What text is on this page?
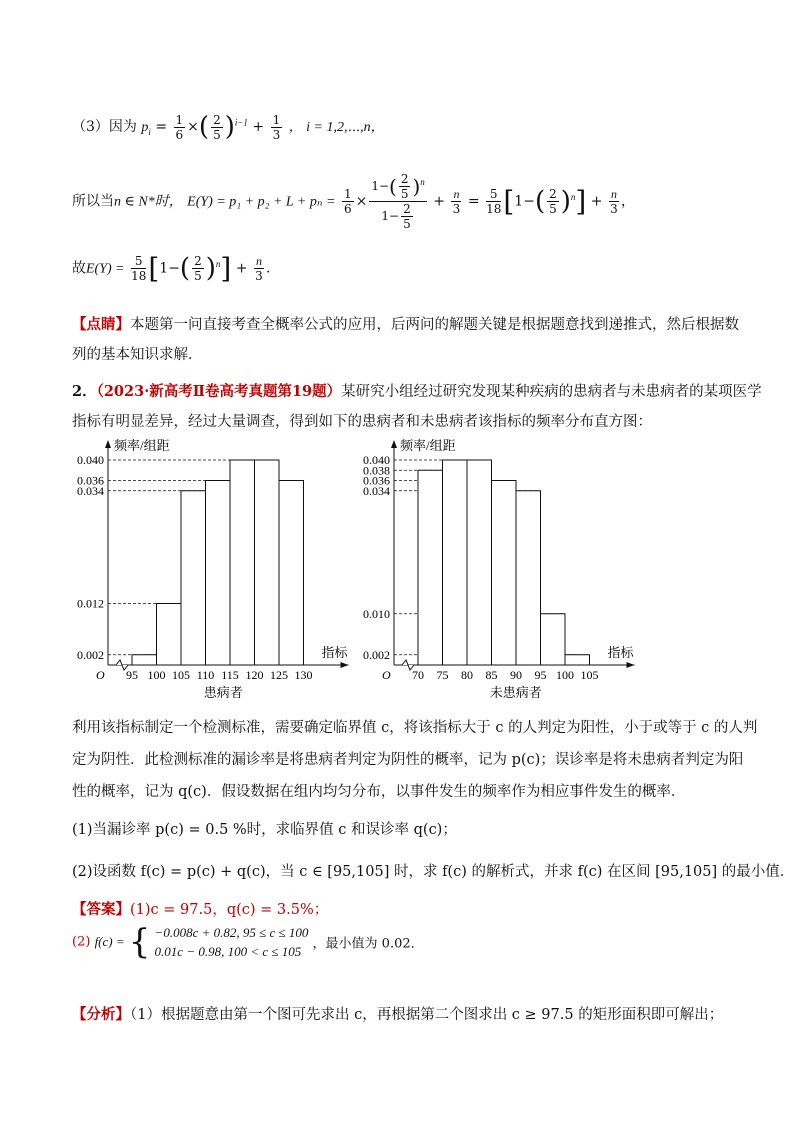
（3）因为 $p_i = \frac{1}{6}$ ×( $\frac{2}{5} )^{i-1} + \frac{1}{3}$ ， i = 1,2,⋯,n，
所以当n ∈ N*时， $E(Y) = p_1 + p_2 + L + p_n = \frac{1}{6} \times \frac{1-( \frac{2}{5} )^n}{1- \frac{2}{5}} + \frac{n}{3} = \frac{5}{18} [1-( \frac{2}{5} )^n] + \frac{n}{3}$ ，
故$E(Y) = \frac{5}{18} [1-( \frac{2}{5} )^n] + \frac{n}{3}$ .
【点睛】本题第一问直接考查全概率公式的应用，后两问的解题关键是根据题意找到递推式，然后根据数
列的基本知识求解．
2．（2023·新高考Ⅱ卷高考真题第19题）某研究小组经过研究发现某种疾病的患病者与未患病者的某项医学
指标有明显差异，经过大量调查，得到如下的患病者和未患病者该指标的频率分布直方图：
频率/组距
指标
O
患病者
0.040
0.036
0.034
0.012
0.002
95 100 105 110 115 120 125 130
频率/组距
指标
O
未患病者
0.040
0.038
0.036
0.034
0.010
0.002
70 75 80 85 90 95 100 105
利用该指标制定一个检测标准，需要确定临界值 c，将该指标大于 c 的人判定为阳性，小于或等于 c 的人判
定为阴性．此检测标准的漏诊率是将患病者判定为阴性的概率，记为 p(c)；误诊率是将未患病者判定为阳
性的概率，记为 q(c)．假设数据在组内均匀分布，以事件发生的频率作为相应事件发生的概率．
(1)当漏诊率 p(c) = 0.5 %时，求临界值 c 和误诊率 q(c)；
(2)设函数 f(c) = p(c) + q(c)，当 c ∈ [95,105] 时，求 f(c) 的解析式，并求 f(c) 在区间 [95,105] 的最小值．
【答案】(1)c = 97.5，q(c) = 3.5%；
(2) f(c) = { −0.008c + 0.82, 95 ≤ c ≤ 100
0.01c − 0.98, 100 < c ≤ 105 ，最小值为 0.02．
【分析】（1）根据题意由第一个图可先求出 c，再根据第二个图求出 c ≥ 97.5 的矩形面积即可解出；
